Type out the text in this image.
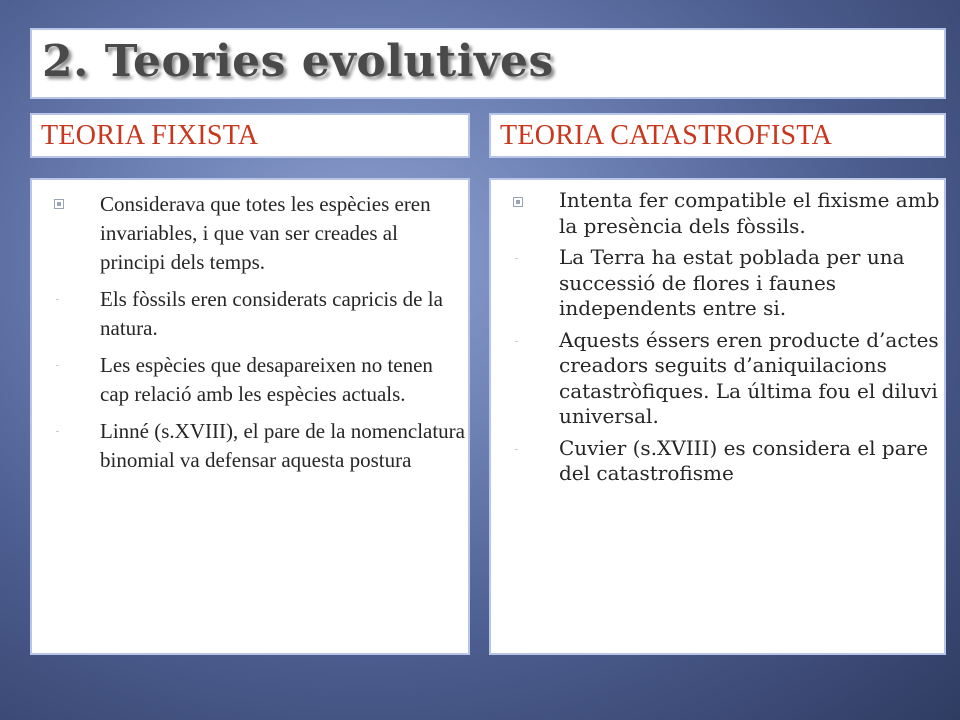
2. Teories evolutives

TEORIA FIXISTA	TEORIA CATASTROFISTA

Considerava que totes les espècies eren invariables, i que van ser creades al principi dels temps.
Els fòssils eren considerats capricis de la natura.
Les espècies que desapareixen no tenen cap relació amb les espècies actuals.
Linné (s.XVIII), el pare de la nomenclatura binomial va defensar aquesta postura
Intenta fer compatible el fixisme amb la presència dels fòssils.
La Terra ha estat poblada per una successió de flores i faunes independents entre si.
Aquests éssers eren producte d’actes creadors seguits d’aniquilacions catastròfiques. La última fou el diluvi universal.
Cuvier (s.XVIII) es considera el pare del catastrofisme
